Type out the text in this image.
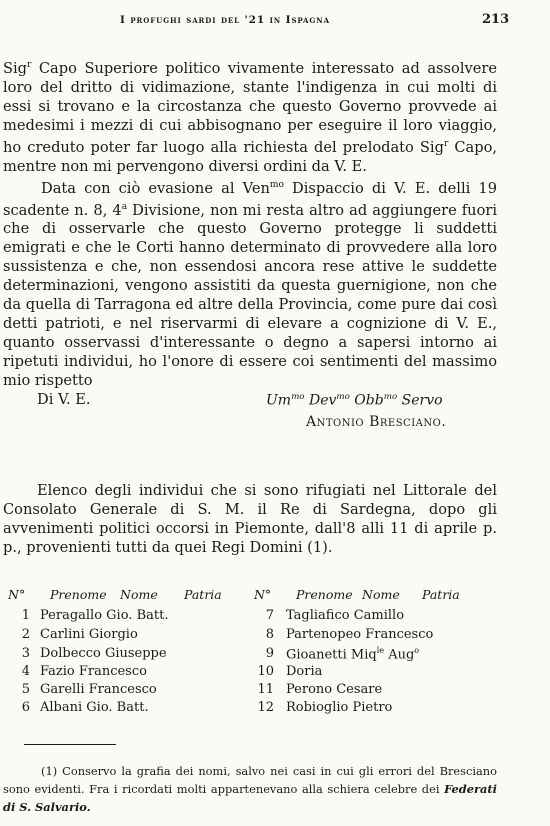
I profughi sardi del '21 in Ispagna	213

Sig$^r$ Capo Superiore politico vivamente interessato ad assolvere loro del dritto di vidimazione, stante l'indigenza in cui molti di essi si trovano e la circostanza che questo Governo provvede ai medesimi i mezzi di cui abbisognano per eseguire il loro viaggio, ho creduto poter far luogo alla richiesta del prelodato Sig$^r$ Capo, mentre non mi pervengono diversi ordini da V. E.

Data con ciò evasione al Ven$^{mo}$ Dispaccio di V. E. delli 19 scadente n. 8, 4$^a$ Divisione, non mi resta altro ad aggiungere fuori che di osservarle che questo Governo protegge li suddetti emigrati e che le Corti hanno determinato di provvedere alla loro sussistenza e che, non essendosi ancora rese attive le suddette determinazioni, vengono assistiti da questa guernigione, non che da quella di Tarragona ed altre della Provincia, come pure dai così detti patrioti, e nel riservarmi di elevare a cognizione di V. E., quanto osservassi d'interessante o degno a sapersi intorno ai ripetuti individui, ho l'onore di essere coi sentimenti del massimo mio rispetto

Di V. E.	$Um^{mo}$ Dev$^{mo}$ Obb$^{mo}$ Servo
Antonio Bresciano.

Elenco degli individui che si sono rifugiati nel Littorale del Consolato Generale di S. M. il Re di Sardegna, dopo gli avvenimenti politici occorsi in Piemonte, dall'8 alli 11 di aprile p. p., provenienti tutti da quei Regi Domini (1).

N° Prenome Nome Patria	N° Prenome Nome Patria
1 Peragallo Gio. Batt.
2 Carlini Giorgio
3 Dolbecco Giuseppe
4 Fazio Francesco
5 Garelli Francesco
6 Albani Gio. Batt.
7 Tagliafico Camillo
8 Partenopeo Francesco
9 Gioanetti Miq$^{le}$ Aug$^o$
10 Doria
11 Perono Cesare
12 Robioglio Pietro

(1) Conservo la grafia dei nomi, salvo nei casi in cui gli errori del Bresciano sono evidenti. Fra i ricordati molti appartenevano alla schiera celebre dei Federati di S. Salvario.
